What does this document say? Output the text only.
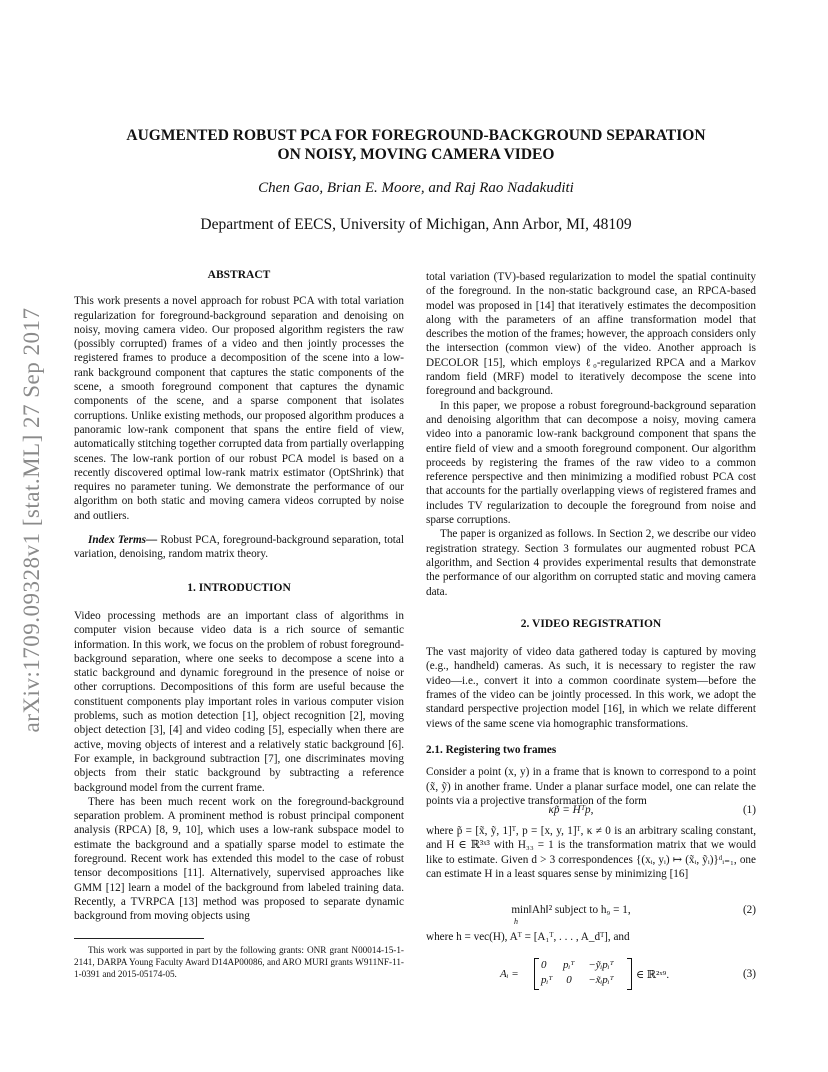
arXiv:1709.09328v1 [stat.ML] 27 Sep 2017
AUGMENTED ROBUST PCA FOR FOREGROUND-BACKGROUND SEPARATION
ON NOISY, MOVING CAMERA VIDEO
Chen Gao, Brian E. Moore, and Raj Rao Nadakuditi
Department of EECS, University of Michigan, Ann Arbor, MI, 48109

ABSTRACT

This work presents a novel approach for robust PCA with total variation regularization for foreground-background separation and denoising on noisy, moving camera video. Our proposed algorithm registers the raw (possibly corrupted) frames of a video and then jointly processes the registered frames to produce a decomposition of the scene into a low-rank background component that captures the static components of the scene, a smooth foreground component that captures the dynamic components of the scene, and a sparse component that isolates corruptions. Unlike existing methods, our proposed algorithm produces a panoramic low-rank component that spans the entire field of view, automatically stitching together corrupted data from partially overlapping scenes. The low-rank portion of our robust PCA model is based on a recently discovered optimal low-rank matrix estimator (OptShrink) that requires no parameter tuning. We demonstrate the performance of our algorithm on both static and moving camera videos corrupted by noise and outliers.

Index Terms— Robust PCA, foreground-background separation, total variation, denoising, random matrix theory.

1. INTRODUCTION

Video processing methods are an important class of algorithms in computer vision because video data is a rich source of semantic information. In this work, we focus on the problem of robust foreground-background separation, where one seeks to decompose a scene into a static background and dynamic foreground in the presence of noise or other corruptions. Decompositions of this form are useful because the constituent components play important roles in various computer vision problems, such as motion detection [1], object recognition [2], moving object detection [3], [4] and video coding [5], especially when there are active, moving objects of interest and a relatively static background [6]. For example, in background subtraction [7], one discriminates moving objects from their static background by subtracting a reference background model from the current frame.

There has been much recent work on the foreground-background separation problem. A prominent method is robust principal component analysis (RPCA) [8, 9, 10], which uses a low-rank subspace model to estimate the background and a spatially sparse model to estimate the foreground. Recent work has extended this model to the case of robust tensor decompositions [11]. Alternatively, supervised approaches like GMM [12] learn a model of the background from labeled training data. Recently, a TVRPCA [13] method was proposed to separate dynamic background from moving objects using

This work was supported in part by the following grants: ONR grant N00014-15-1-2141, DARPA Young Faculty Award D14AP00086, and ARO MURI grants W911NF-11-1-0391 and 2015-05174-05.

total variation (TV)-based regularization to model the spatial continuity of the foreground. In the non-static background case, an RPCA-based model was proposed in [14] that iteratively estimates the decomposition along with the parameters of an affine transformation model that describes the motion of the frames; however, the approach considers only the intersection (common view) of the video. Another approach is DECOLOR [15], which employs ℓ₀-regularized RPCA and a Markov random field (MRF) model to iteratively decompose the scene into foreground and background.

In this paper, we propose a robust foreground-background separation and denoising algorithm that can decompose a noisy, moving camera video into a panoramic low-rank background component that spans the entire field of view and a smooth foreground component. Our algorithm proceeds by registering the frames of the raw video to a common reference perspective and then minimizing a modified robust PCA cost that accounts for the partially overlapping views of registered frames and includes TV regularization to decouple the foreground from noise and sparse corruptions.

The paper is organized as follows. In Section 2, we describe our video registration strategy. Section 3 formulates our augmented robust PCA algorithm, and Section 4 provides experimental results that demonstrate the performance of our algorithm on corrupted static and moving camera data.

2. VIDEO REGISTRATION

The vast majority of video data gathered today is captured by moving (e.g., handheld) cameras. As such, it is necessary to register the raw video—i.e., convert it into a common coordinate system—before the frames of the video can be jointly processed. In this work, we adopt the standard perspective projection model [16], in which we relate different views of the same scene via homographic transformations.

2.1. Registering two frames

Consider a point (x, y) in a frame that is known to correspond to a point (x̃, ỹ) in another frame. Under a planar surface model, one can relate the points via a projective transformation of the form

κp̃ = Hᵀp,	(1)

where p̃ = [x̃, ỹ, 1]ᵀ, p = [x, y, 1]ᵀ, κ ≠ 0 is an arbitrary scaling constant, and H ∈ ℝ³ˣ³ with H₃₃ = 1 is the transformation matrix that we would like to estimate. Given d > 3 correspondences {(xᵢ, yᵢ) ↦ (x̃ᵢ, ỹᵢ)}ᵈᵢ₌₁, one can estimate H in a least squares sense by minimizing [16]

min‖Ah‖² subject to h₉ = 1,	(2)
h

where h = vec(H), Aᵀ = [A₁ᵀ, . . . , A_dᵀ], and

Aᵢ =
0      pᵢᵀ     −ỹᵢpᵢᵀ
pᵢᵀ     0      −x̃ᵢpᵢᵀ ∈ ℝ²ˣ⁹.	(3)
